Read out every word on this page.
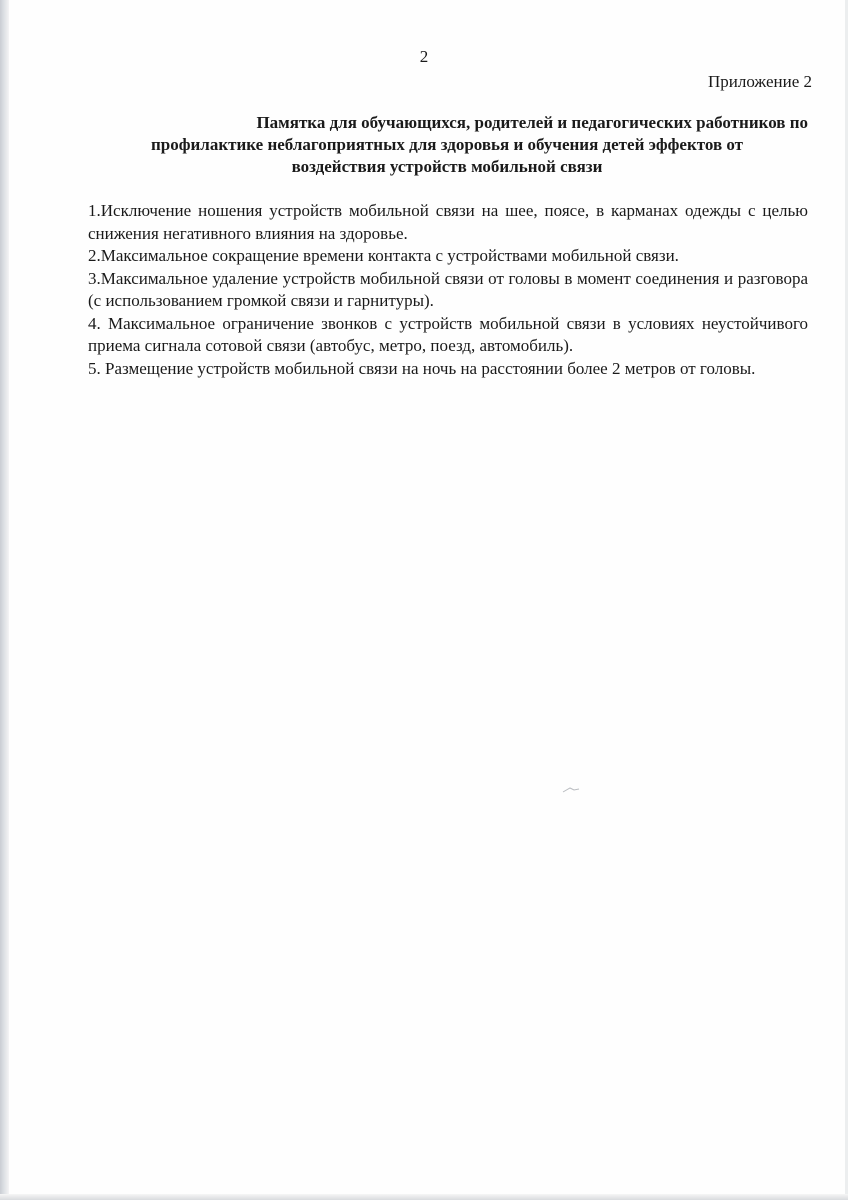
2
Приложение 2
Памятка для обучающихся, родителей и педагогических работников по
профилактике неблагоприятных для здоровья и обучения детей эффектов от
воздействия устройств мобильной связи

1.Исключение ношения устройств мобильной связи на шее, поясе, в карманах одежды с целью снижения негативного влияния на здоровье.

2.Максимальное сокращение времени контакта с устройствами мобильной связи.

3.Максимальное удаление устройств мобильной связи от головы в момент соединения и разговора (с использованием громкой связи и гарнитуры).

4. Максимальное ограничение звонков с устройств мобильной связи в условиях неустойчивого приема сигнала сотовой связи (автобус, метро, поезд, автомобиль).

5. Размещение устройств мобильной связи на ночь на расстоянии более 2 метров от головы.
